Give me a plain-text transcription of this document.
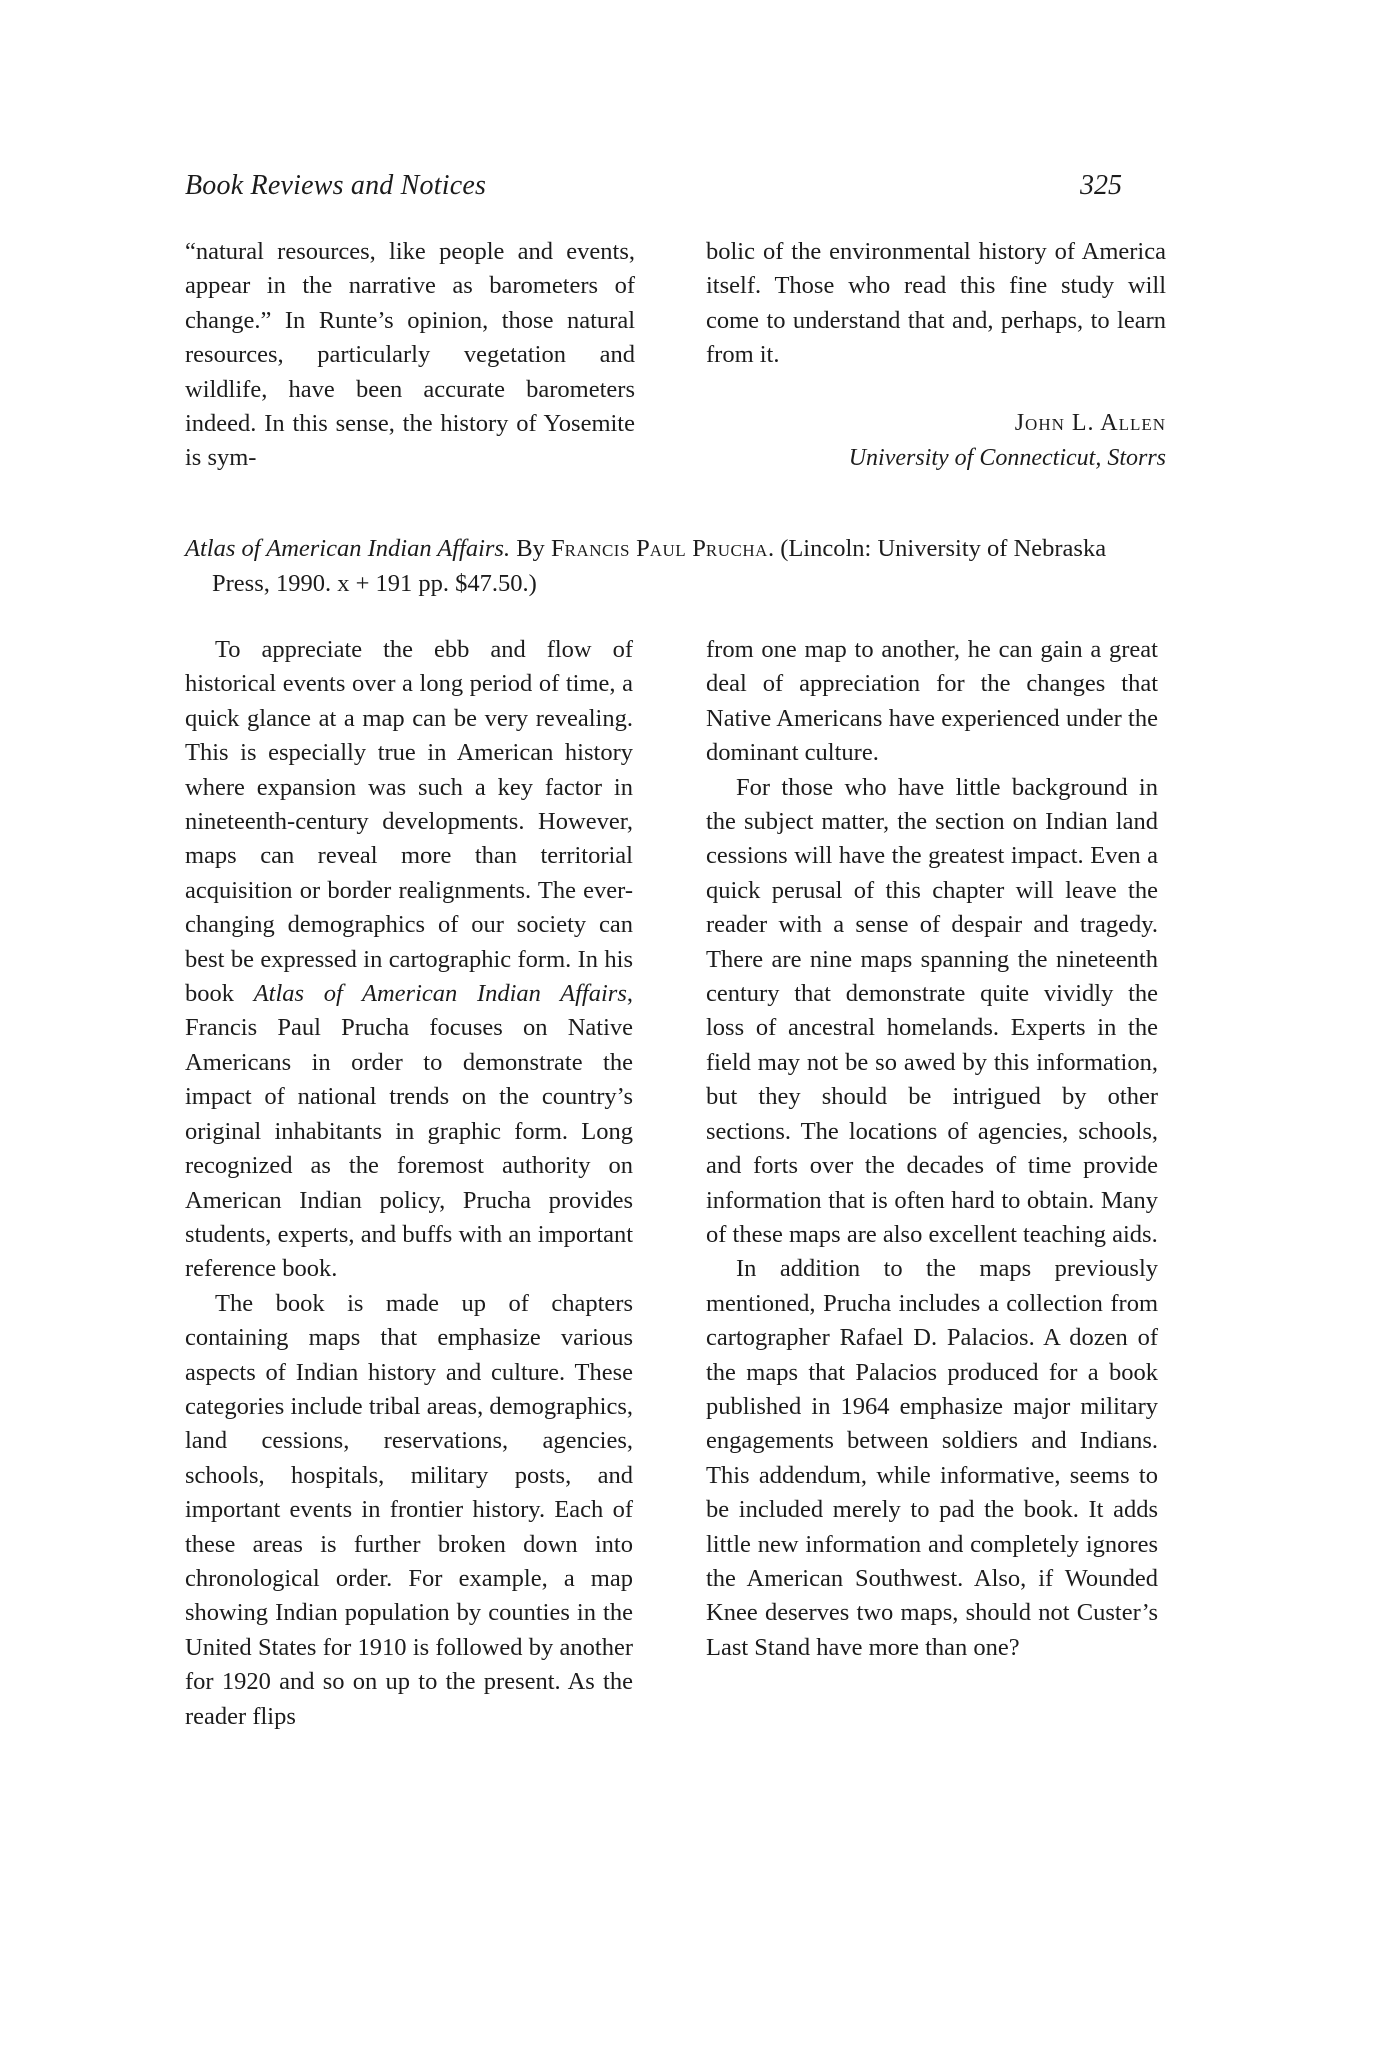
Book Reviews and Notices	325

“natural resources, like people and events, appear in the narrative as barometers of change.” In Runte’s opinion, those natural resources, particularly vegetation and wildlife, have been accurate barometers indeed. In this sense, the history of Yosemite is sym-

bolic of the environmental history of America itself. Those who read this fine study will come to understand that and, perhaps, to learn from it.

JOHN L. ALLEN
University of Connecticut, Storrs
Atlas of American Indian Affairs. By FRANCIS PAUL PRUCHA. (Lincoln: University of Nebraska
Press, 1990. x + 191 pp. $47.50.)

To appreciate the ebb and flow of historical events over a long period of time, a quick glance at a map can be very revealing. This is especially true in American history where expansion was such a key factor in nineteenth-century developments. However, maps can reveal more than territorial acquisition or border realignments. The ever-changing demographics of our society can best be expressed in cartographic form. In his book Atlas of American Indian Affairs, Francis Paul Prucha focuses on Native Americans in order to demonstrate the impact of national trends on the country’s original inhabitants in graphic form. Long recognized as the foremost authority on American Indian policy, Prucha provides students, experts, and buffs with an important reference book.

The book is made up of chapters containing maps that emphasize various aspects of Indian history and culture. These categories include tribal areas, demographics, land cessions, reservations, agencies, schools, hospitals, military posts, and important events in frontier history. Each of these areas is further broken down into chronological order. For example, a map showing Indian population by counties in the United States for 1910 is followed by another for 1920 and so on up to the present. As the reader flips

from one map to another, he can gain a great deal of appreciation for the changes that Native Americans have experienced under the dominant culture.

For those who have little background in the subject matter, the section on Indian land cessions will have the greatest impact. Even a quick perusal of this chapter will leave the reader with a sense of despair and tragedy. There are nine maps spanning the nineteenth century that demonstrate quite vividly the loss of ancestral homelands. Experts in the field may not be so awed by this information, but they should be intrigued by other sections. The locations of agencies, schools, and forts over the decades of time provide information that is often hard to obtain. Many of these maps are also excellent teaching aids.

In addition to the maps previously mentioned, Prucha includes a collection from cartographer Rafael D. Palacios. A dozen of the maps that Palacios produced for a book published in 1964 emphasize major military engagements between soldiers and Indians. This addendum, while informative, seems to be included merely to pad the book. It adds little new information and completely ignores the American Southwest. Also, if Wounded Knee deserves two maps, should not Custer’s Last Stand have more than one?
